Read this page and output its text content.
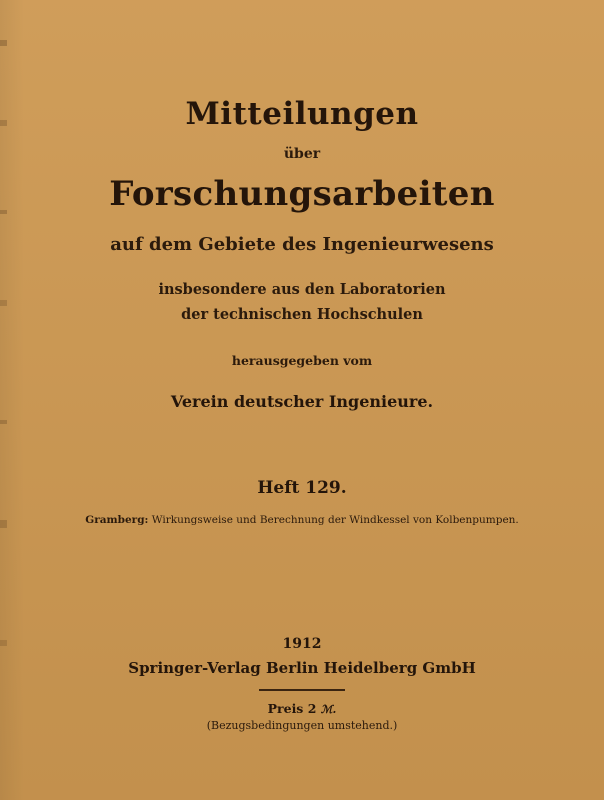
Mitteilungen

über

Forschungsarbeiten

auf dem Gebiete des Ingenieurwesens

insbesondere aus den Laboratorien

der technischen Hochschulen

herausgegeben vom

Verein deutscher Ingenieure.

Heft 129.

Gramberg: Wirkungsweise und Berechnung der Windkessel von Kolbenpumpen.

1912

Springer-Verlag Berlin Heidelberg GmbH

Preis 2 ℳ.

(Bezugsbedingungen umstehend.)
